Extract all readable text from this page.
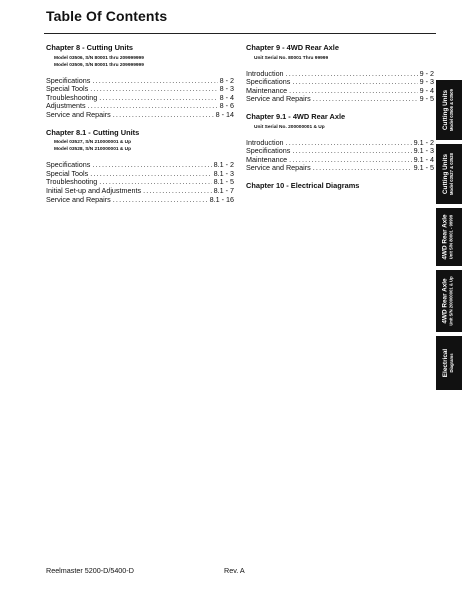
Table Of Contents
Chapter 8 - Cutting Units
Model 03506, S/N 80001 thru 209999999
Model 03509, S/N 80001 thru 209999999
Specifications .....	8 - 2
Special Tools .....	8 - 3
Troubleshooting .....	8 - 4
Adjustments .....	8 - 6
Service and Repairs .....	8 - 14
Chapter 8.1 - Cutting Units
Model 03527, S/N 210000001 & Up
Model 03528, S/N 210000001 & Up
Specifications .....	8.1 - 2
Special Tools .....	8.1 - 3
Troubleshooting .....	8.1 - 5
Initial Set-up and Adjustments .....	8.1 - 7
Service and Repairs .....	8.1 - 16
Chapter 9 - 4WD Rear Axle
Unit Serial No. 80001 Thru 99999
Introduction .....	9 - 2
Specifications .....	9 - 3
Maintenance .....	9 - 4
Service and Repairs .....	9 - 5
Chapter 9.1 - 4WD Rear Axle
Unit Serial No. 200000001 & Up
Introduction .....	9.1 - 2
Specifications .....	9.1 - 3
Maintenance .....	9.1 - 4
Service and Repairs .....	9.1 - 5
Chapter 10 - Electrical Diagrams
Cutting Units Model 03506 & 03509
Cutting Units Model 03527 & 03528
4WD Rear Axle Unit S/N 80001 - 99999
4WD Rear Axle Unit S/N 200000001 & Up
Electrical Diagrams
Reelmaster 5200-D/5400-D	Rev. A
